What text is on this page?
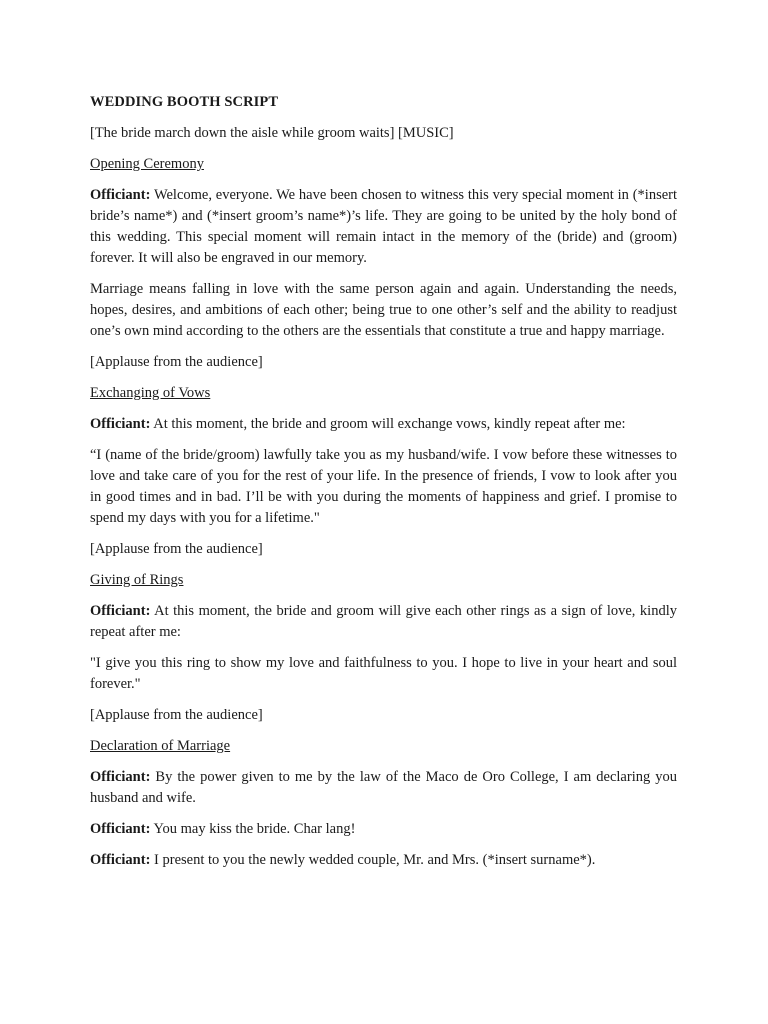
WEDDING BOOTH SCRIPT

[The bride march down the aisle while groom waits] [MUSIC]

Opening Ceremony

Officiant: Welcome, everyone. We have been chosen to witness this very special moment in (*insert bride’s name*) and (*insert groom’s name*)’s life. They are going to be united by the holy bond of this wedding. This special moment will remain intact in the memory of the (bride) and (groom) forever. It will also be engraved in our memory.

Marriage means falling in love with the same person again and again. Understanding the needs, hopes, desires, and ambitions of each other; being true to one other’s self and the ability to readjust one’s own mind according to the others are the essentials that constitute a true and happy marriage.

[Applause from the audience]

Exchanging of Vows

Officiant: At this moment, the bride and groom will exchange vows, kindly repeat after me:

“I (name of the bride/groom) lawfully take you as my husband/wife. I vow before these witnesses to love and take care of you for the rest of your life. In the presence of friends, I vow to look after you in good times and in bad. I’ll be with you during the moments of happiness and grief. I promise to spend my days with you for a lifetime."

[Applause from the audience]

Giving of Rings

Officiant: At this moment, the bride and groom will give each other rings as a sign of love, kindly repeat after me:

"I give you this ring to show my love and faithfulness to you. I hope to live in your heart and soul forever."

[Applause from the audience]

Declaration of Marriage

Officiant: By the power given to me by the law of the Maco de Oro College, I am declaring you husband and wife.

Officiant: You may kiss the bride. Char lang!

Officiant: I present to you the newly wedded couple, Mr. and Mrs. (*insert surname*).
